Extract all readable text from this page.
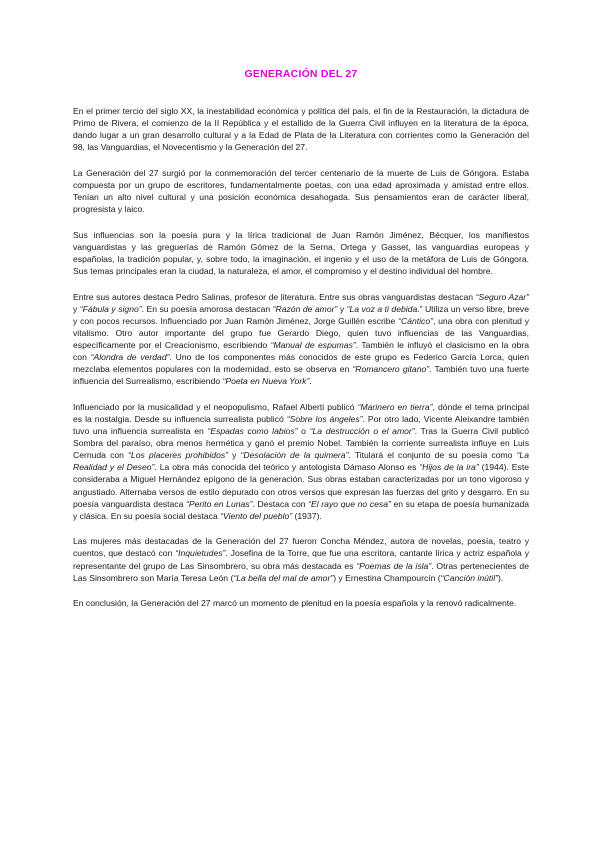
GENERACIÓN DEL 27

En el primer tercio del siglo XX, la inestabilidad económica y política del país, el fin de la Restauración, la dictadura de Primo de Rivera, el comienzo de la II República y el estallido de la Guerra Civil influyen en la literatura de la época, dando lugar a un gran desarrollo cultural y a la Edad de Plata de la Literatura con corrientes como la Generación del 98, las Vanguardias, el Novecentismo y la Generación del 27.

La Generación del 27 surgió por la conmemoración del tercer centenario de la muerte de Luis de Góngora. Estaba compuesta por un grupo de escritores, fundamentalmente poetas, con una edad aproximada y amistad entre ellos. Tenían un alto nivel cultural y una posición económica desahogada. Sus pensamientos eran de carácter liberal, progresista y laico.

Sus influencias son la poesía pura y la lírica tradicional de Juan Ramón Jiménez, Bécquer, los manifiestos vanguardistas y las greguerías de Ramón Gómez de la Serna, Ortega y Gasset, las vanguardias europeas y españolas, la tradición popular, y, sobre todo, la imaginación, el ingenio y el uso de la metáfora de Luis de Góngora. Sus temas principales eran la ciudad, la naturaleza, el amor, el compromiso y el destino individual del hombre.

Entre sus autores destaca Pedro Salinas, profesor de literatura. Entre sus obras vanguardistas destacan “Seguro Azar” y “Fábula y signo”. En su poesía amorosa destacan “Razón de amor” y “La voz a ti debida.” Utiliza un verso libre, breve y con pocos recursos. Influenciado por Juan Ramón Jiménez, Jorge Guillén escribe “Cántico”, una obra con plenitud y vitalismo. Otro autor importante del grupo fue Gerardo Diego, quien tuvo influencias de las Vanguardias, específicamente por el Creacionismo, escribiendo “Manual de espumas”. También le influyó el clasicismo en la obra con “Alondra de verdad”. Uno de los componentes más conocidos de este grupo es Federico García Lorca, quien mezclaba elementos populares con la modernidad, esto se observa en “Romancero gitano”. También tuvo una fuerte influencia del Surrealismo, escribiendo “Poeta en Nueva York”.

Influenciado por la musicalidad y el neopopulismo, Rafael Alberti publicó “Marinero en tierra”, dónde el tema principal es la nostalgia. Desde su influencia surrealista publicó “Sobre los ángeles”. Por otro lado, Vicente Aleixandre también tuvo una influencia surrealista en “Espadas como labios” o “La destrucción o el amor”. Tras la Guerra Civil publicó Sombra del paraíso, obra menos hermética y ganó el premio Nobel. También la corriente surrealista influye en Luis Cernuda con “Los placeres prohibidos” y “Desolación de la quimera”. Titulará el conjunto de su poesía como “La Realidad y el Deseo”. La obra más conocida del teórico y antologista Dámaso Alonso es “Hijos de la ira” (1944). Este consideraba a Miguel Hernández epígono de la generación. Sus obras estaban caracterizadas por un tono vigoroso y angustiado. Alternaba versos de estilo depurado con otros versos que expresan las fuerzas del grito y desgarro. En su poesía vanguardista destaca “Perito en Lunas”. Destaca con “El rayo que no cesa” en su etapa de poesía humanizada y clásica. En su poesía social destaca “Viento del pueblo” (1937).

Las mujeres más destacadas de la Generación del 27 fueron Concha Méndez, autora de novelas, poesía, teatro y cuentos, que destacó con “Inquietudes”. Josefina de la Torre, que fue una escritora, cantante lírica y actriz española y representante del grupo de Las Sinsombrero, su obra más destacada es “Poemas de la isla”. Otras pertenecientes de Las Sinsombrero son María Teresa León (“La bella del mal de amor”) y Ernestina Champourcín (“Canción inútil”).

En conclusión, la Generación del 27 marcó un momento de plenitud en la poesía española y la renovó radicalmente.
